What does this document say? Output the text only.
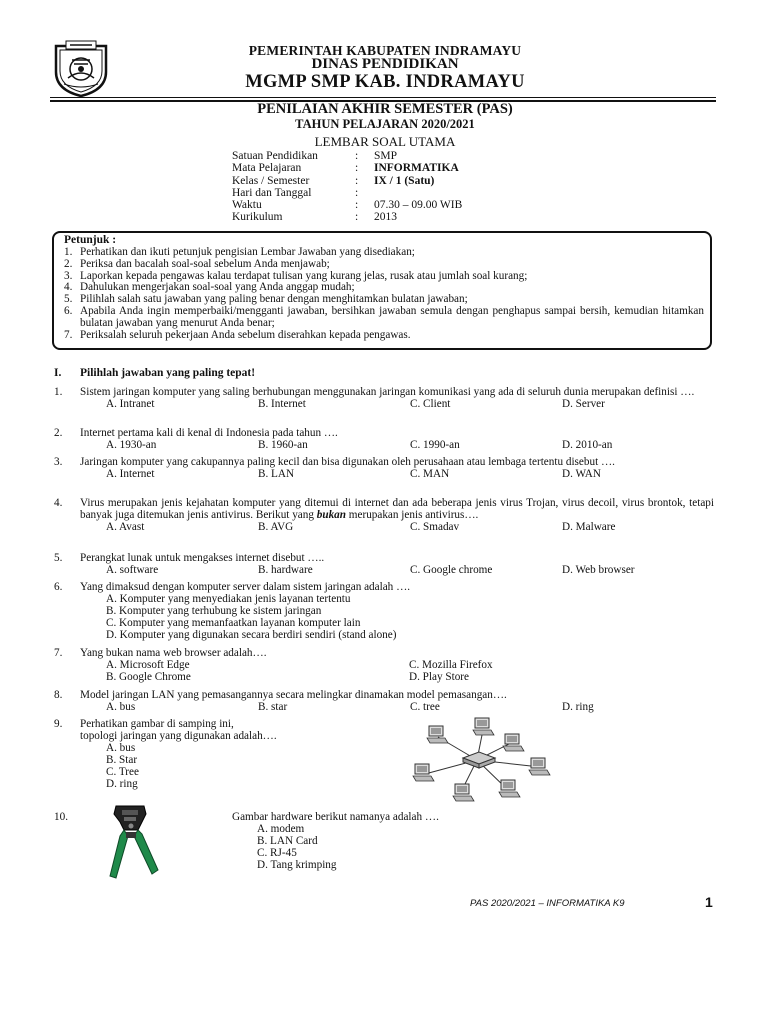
PEMERINTAH KABUPATEN INDRAMAYU
DINAS PENDIDIKAN
MGMP SMP KAB. INDRAMAYU
PENILAIAN AKHIR SEMESTER (PAS)
TAHUN PELAJARAN 2020/2021
LEMBAR SOAL UTAMA
Satuan Pendidikan	:	SMP
Mata Pelajaran	:	INFORMATIKA
Kelas / Semester	:	IX / 1 (Satu)
Hari dan Tanggal	:
Waktu	:	07.30 – 09.00 WIB
Kurikulum	:	2013
Petunjuk :
1. Perhatikan dan ikuti petunjuk pengisian Lembar Jawaban yang disediakan;
2. Periksa dan bacalah soal-soal sebelum Anda menjawab;
3. Laporkan kepada pengawas kalau terdapat tulisan yang kurang jelas, rusak atau jumlah soal kurang;
4. Dahulukan mengerjakan soal-soal yang Anda anggap mudah;
5. Pilihlah salah satu jawaban yang paling benar dengan menghitamkan bulatan jawaban;
6. Apabila Anda ingin memperbaiki/mengganti jawaban, bersihkan jawaban semula dengan penghapus sampai bersih, kemudian hitamkan bulatan jawaban yang menurut Anda benar;
7. Periksalah seluruh pekerjaan Anda sebelum diserahkan kepada pengawas.
I.	Pilihlah jawaban yang paling tepat!
1.	Sistem jaringan komputer yang saling berhubungan menggunakan jaringan komunikasi yang ada di seluruh dunia merupakan definisi ….
A. Intranet	B. Internet	C. Client	D. Server
2.	Internet pertama kali di kenal di Indonesia pada tahun ….
A. 1930-an	B. 1960-an	C. 1990-an	D. 2010-an
3.	Jaringan komputer yang cakupannya paling kecil dan bisa digunakan oleh perusahaan atau lembaga tertentu disebut ….
A. Internet	B. LAN	C. MAN	D. WAN
4.	Virus merupakan jenis kejahatan komputer yang ditemui di internet dan ada beberapa jenis virus Trojan, virus decoil, virus brontok, tetapi banyak juga ditemukan jenis antivirus. Berikut yang bukan merupakan jenis antivirus….
A. Avast	B. AVG	C. Smadav	D. Malware
5.	Perangkat lunak untuk mengakses internet disebut …..
A. software	B. hardware	C. Google chrome	D. Web browser
6.	Yang dimaksud dengan komputer server dalam sistem jaringan adalah ….
A. Komputer yang menyediakan jenis layanan tertentu
B. Komputer yang terhubung ke sistem jaringan
C. Komputer yang memanfaatkan layanan komputer lain
D. Komputer yang digunakan secara berdiri sendiri (stand alone)
7.	Yang bukan nama web browser adalah….
A. Microsoft Edge	C. Mozilla Firefox
B. Google Chrome	D. Play Store
8.	Model jaringan LAN yang pemasangannya secara melingkar dinamakan model pemasangan….
A. bus	B. star	C. tree	D. ring
9.	Perhatikan gambar di samping ini,
topologi jaringan yang digunakan adalah….
A. bus
B. Star
C. Tree
D. ring
10.	Gambar hardware berikut namanya adalah ….
A. modem
B. LAN Card
C. RJ-45
D. Tang krimping
PAS 2020/2021 – INFORMATIKA K9	1
